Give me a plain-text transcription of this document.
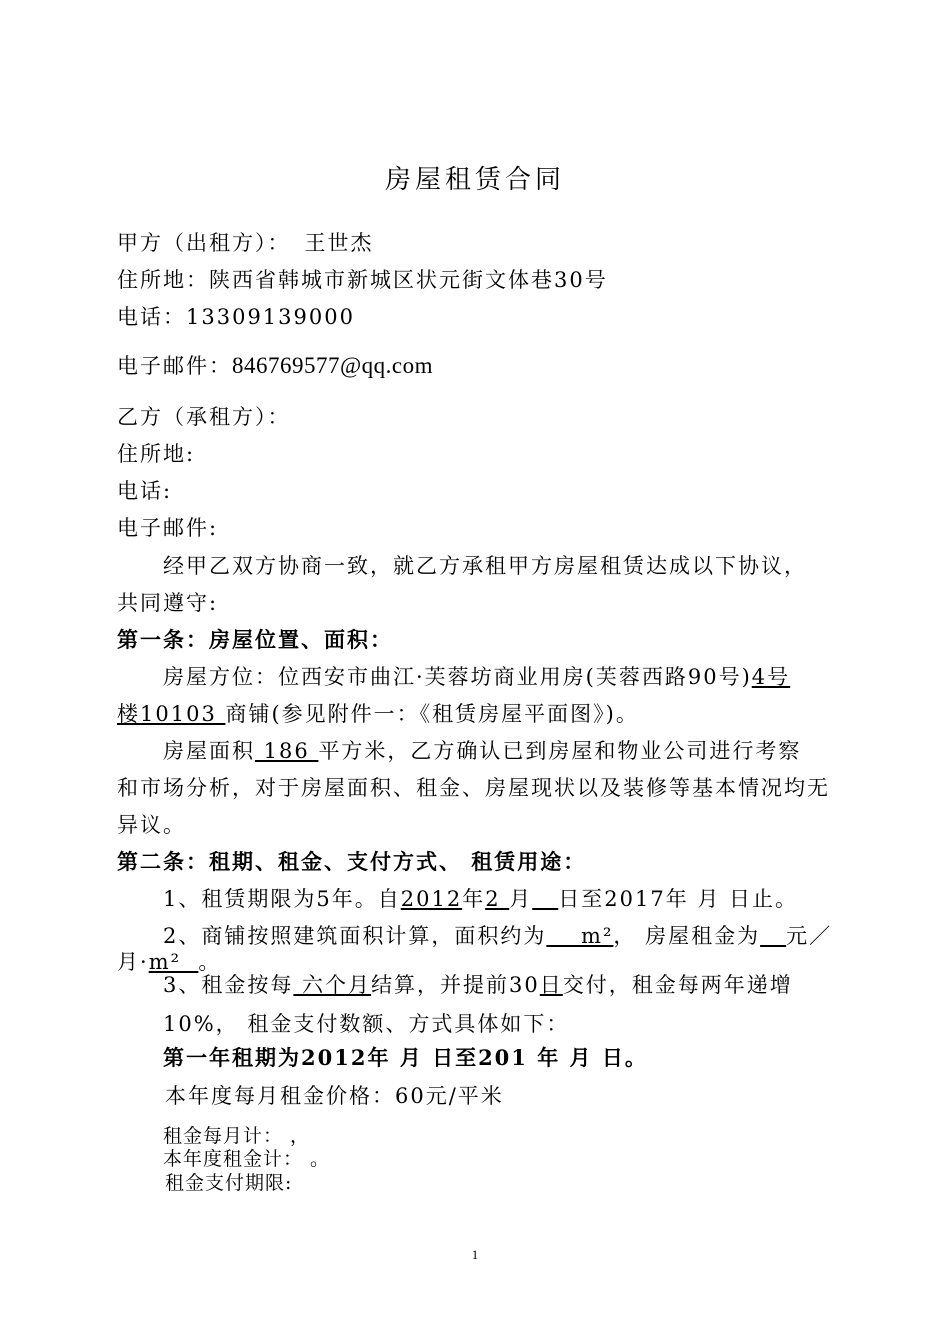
房屋租赁合同
甲方（出租方）： 王世杰
住所地：陕西省韩城市新城区状元街文体巷30号
电话：13309139000
电子邮件：846769577@qq.com
乙方（承租方）：
住所地:
电话:
电子邮件:
经甲乙双方协商一致，就乙方承租甲方房屋租赁达成以下协议，
共同遵守:
第一条：房屋位置、面积：
房屋方位：位西安市曲江·芙蓉坊商业用房(芙蓉西路90号)4号
楼10103 商铺(参见附件一：《租赁房屋平面图》)。
房屋面积 186 平方米，乙方确认已到房屋和物业公司进行考察
和市场分析，对于房屋面积、租金、房屋现状以及装修等基本情况均无
异议。
第二条：租期、租金、支付方式、 租赁用途：
1、租赁期限为5年。自2012年2 月 日至2017年 月 日止。
2、商铺按照建筑面积计算，面积约为    m²， 房屋租金为 元／
月·m²  。
3、租金按每 六个月结算，并提前30日交付，租金每两年递增
10%， 租金支付数额、方式具体如下：
第一年租期为2012年 月 日至201 年 月 日。
本年度每月租金价格：60元/平米
租金每月计： ，
本年度租金计： 。
租金支付期限:
1
